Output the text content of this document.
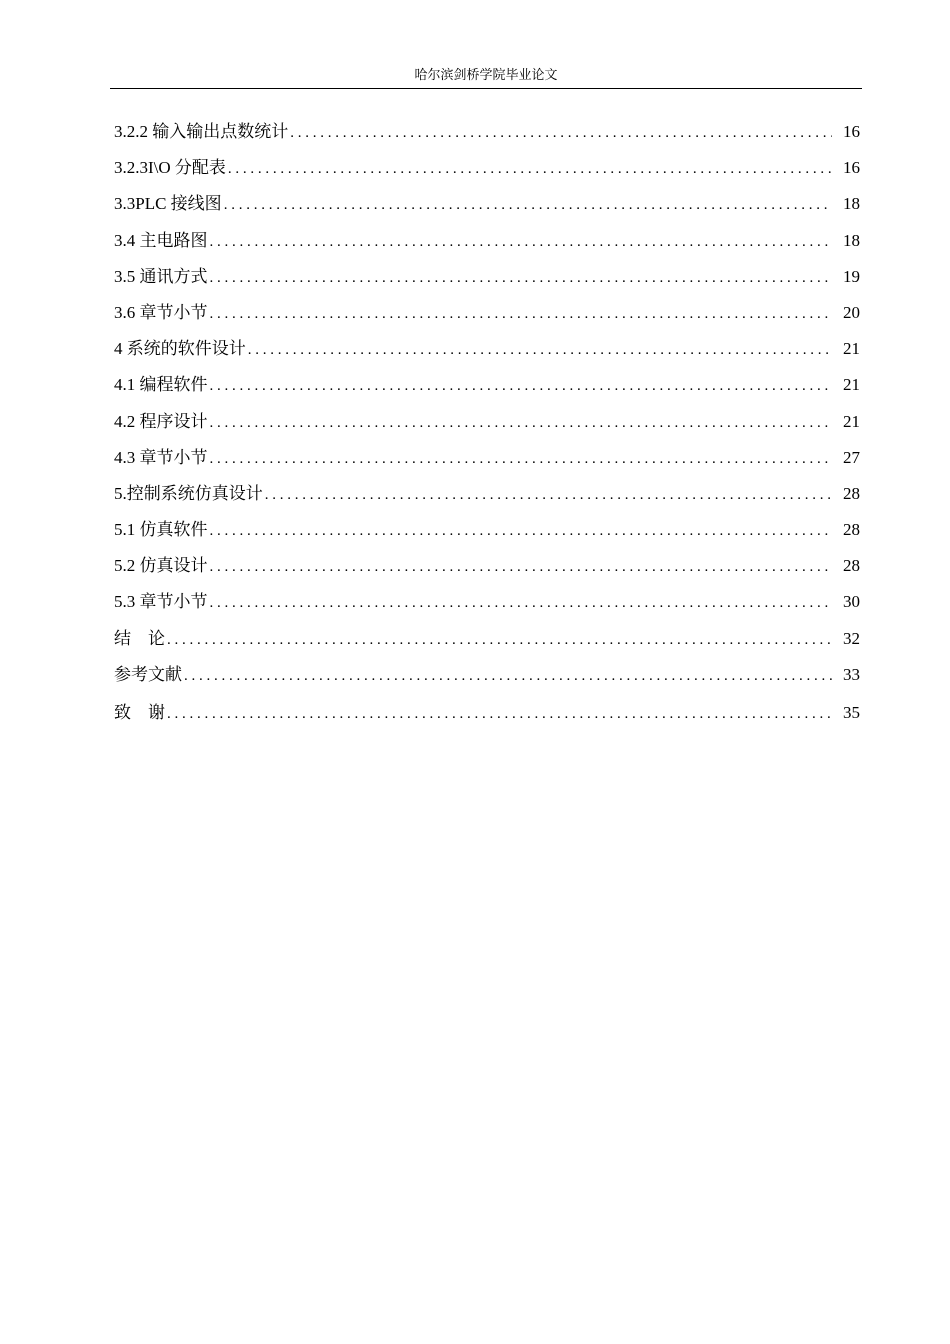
哈尔滨剑桥学院毕业论文
3.2.2 输入输出点数统计 . . .	16
3.2.3I\O 分配表 . . .	16
3.3PLC 接线图 . . .	18
3.4 主电路图 . . .	18
3.5 通讯方式 . . .	19
3.6 章节小节 . . .	20
4 系统的软件设计 . . .	21
4.1 编程软件 . . .	21
4.2 程序设计 . . .	21
4.3 章节小节 . . .	27
5.控制系统仿真设计 . . .	28
5.1 仿真软件 . . .	28
5.2 仿真设计 . . .	28
5.3 章节小节 . . .	30
结　论 . . .	32
参考文献 . . .	33
致　谢 . . .	35
